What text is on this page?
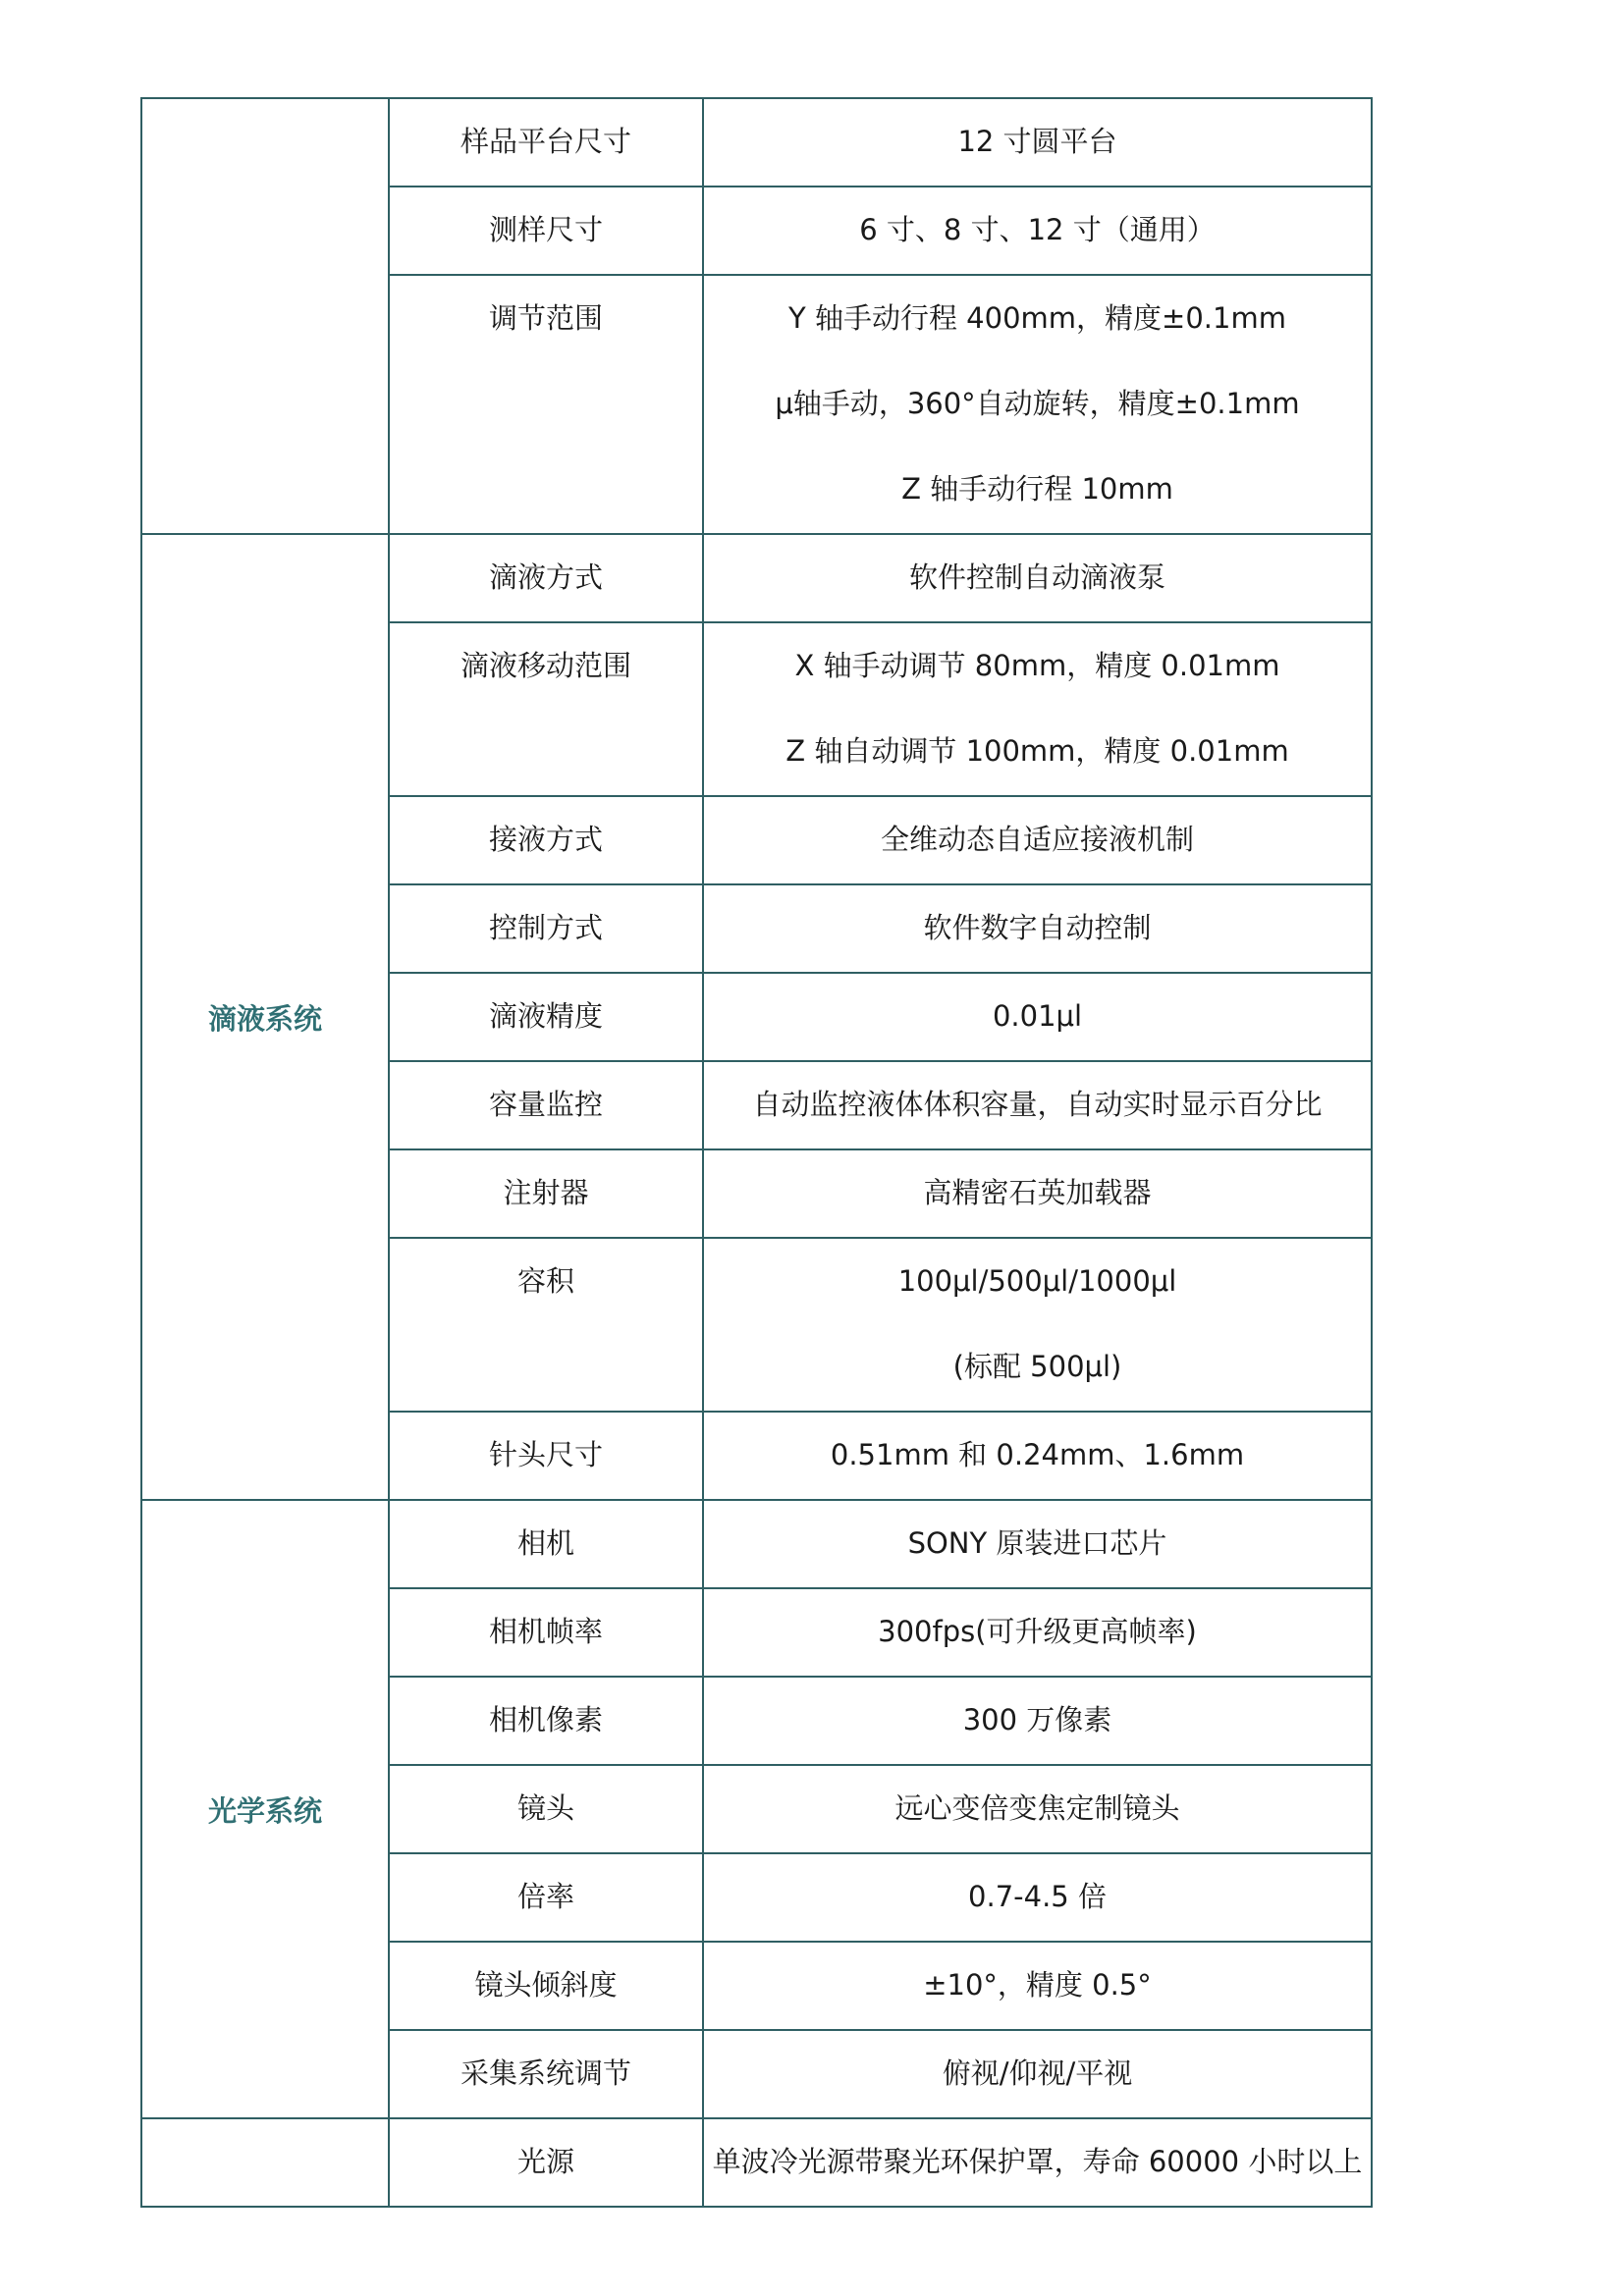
	样品平台尺寸	12 寸圆平台

	测样尺寸	6 寸、8 寸、12 寸（通用）

	调节范围	Y 轴手动行程 400mm，精度±0.1mm
μ轴手动，360°自动旋转，精度±0.1mm
Z 轴手动行程 10mm

滴液系统	滴液方式	软件控制自动滴液泵

	滴液移动范围	X 轴手动调节 80mm，精度 0.01mm
Z 轴自动调节 100mm，精度 0.01mm

	接液方式	全维动态自适应接液机制

	控制方式	软件数字自动控制

	滴液精度	0.01μl

	容量监控	自动监控液体体积容量，自动实时显示百分比

	注射器	高精密石英加载器

	容积	100μl/500μl/1000μl
(标配 500μl)

	针头尺寸	0.51mm 和 0.24mm、1.6mm

光学系统	相机	SONY 原装进口芯片

	相机帧率	300fps(可升级更高帧率)

	相机像素	300 万像素

	镜头	远心变倍变焦定制镜头

	倍率	0.7-4.5 倍

	镜头倾斜度	±10°，精度 0.5°

	采集系统调节	俯视/仰视/平视

	光源	单波冷光源带聚光环保护罩，寿命 60000 小时以上
